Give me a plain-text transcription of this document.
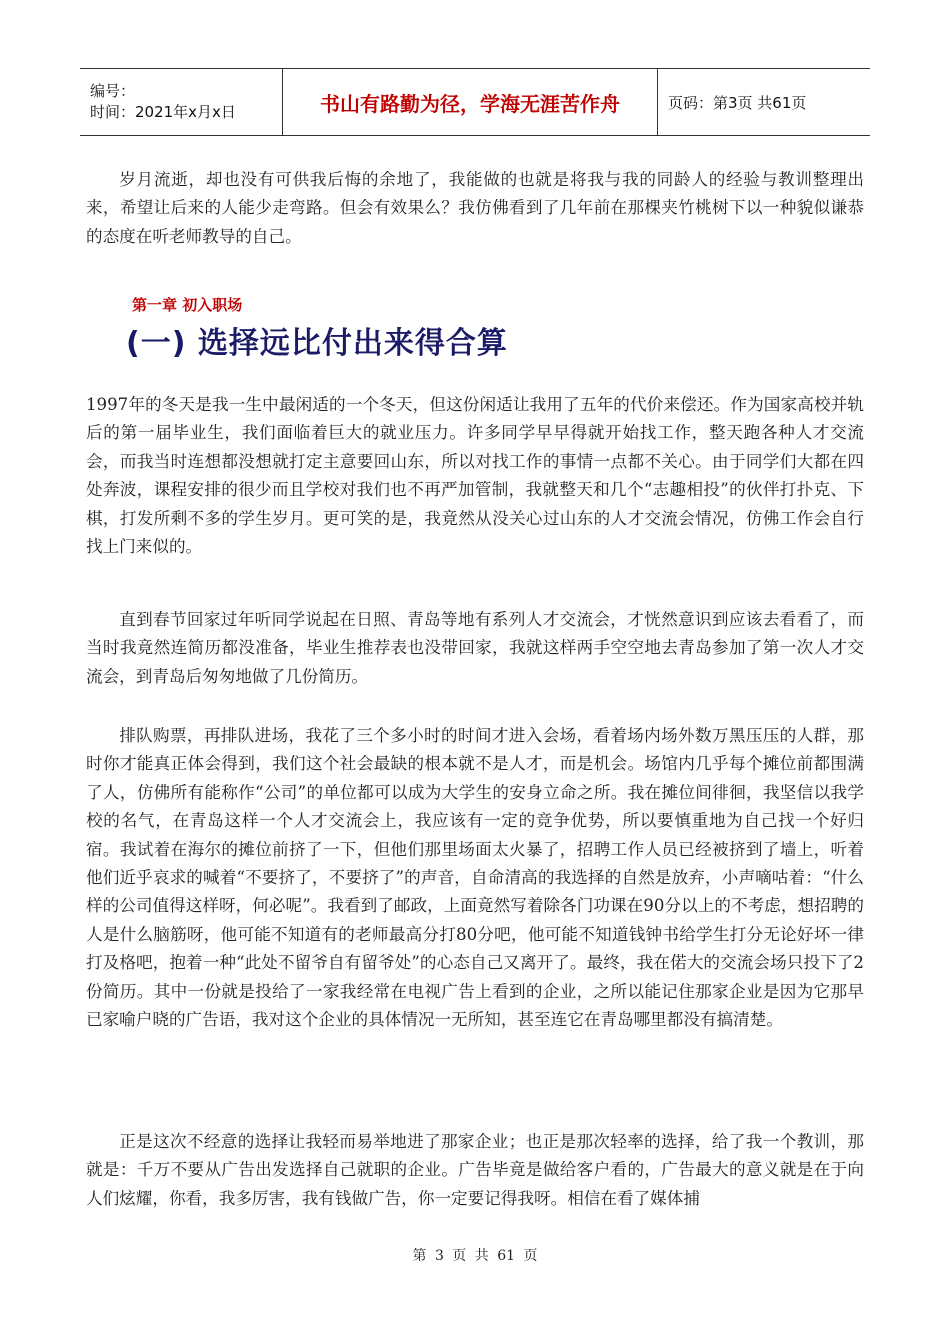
编号：
时间：2021年x月x日	书山有路勤为径，学海无涯苦作舟	页码：第3页 共61页

岁月流逝，却也没有可供我后悔的余地了，我能做的也就是将我与我的同龄人的经验与教训整理出来，希望让后来的人能少走弯路。但会有效果么？我仿佛看到了几年前在那棵夹竹桃树下以一种貌似谦恭的态度在听老师教导的自己。

第一章 初入职场

(一) 选择远比付出来得合算

1997年的冬天是我一生中最闲适的一个冬天，但这份闲适让我用了五年的代价来偿还。作为国家高校并轨后的第一届毕业生，我们面临着巨大的就业压力。许多同学早早得就开始找工作，整天跑各种人才交流会，而我当时连想都没想就打定主意要回山东，所以对找工作的事情一点都不关心。由于同学们大都在四处奔波，课程安排的很少而且学校对我们也不再严加管制，我就整天和几个“志趣相投”的伙伴打扑克、下棋，打发所剩不多的学生岁月。更可笑的是，我竟然从没关心过山东的人才交流会情况，仿佛工作会自行找上门来似的。

直到春节回家过年听同学说起在日照、青岛等地有系列人才交流会，才恍然意识到应该去看看了，而当时我竟然连简历都没准备，毕业生推荐表也没带回家，我就这样两手空空地去青岛参加了第一次人才交流会，到青岛后匆匆地做了几份简历。

排队购票，再排队进场，我花了三个多小时的时间才进入会场，看着场内场外数万黑压压的人群，那时你才能真正体会得到，我们这个社会最缺的根本就不是人才，而是机会。场馆内几乎每个摊位前都围满了人，仿佛所有能称作“公司”的单位都可以成为大学生的安身立命之所。我在摊位间徘徊，我坚信以我学校的名气，在青岛这样一个人才交流会上，我应该有一定的竞争优势，所以要慎重地为自己找一个好归宿。我试着在海尔的摊位前挤了一下，但他们那里场面太火暴了，招聘工作人员已经被挤到了墙上，听着他们近乎哀求的喊着“不要挤了，不要挤了”的声音，自命清高的我选择的自然是放弃，小声嘀咕着：“什么样的公司值得这样呀，何必呢”。我看到了邮政，上面竟然写着除各门功课在90分以上的不考虑，想招聘的人是什么脑筋呀，他可能不知道有的老师最高分打80分吧，他可能不知道钱钟书给学生打分无论好坏一律打及格吧，抱着一种“此处不留爷自有留爷处”的心态自己又离开了。最终，我在偌大的交流会场只投下了2份简历。其中一份就是投给了一家我经常在电视广告上看到的企业，之所以能记住那家企业是因为它那早已家喻户晓的广告语，我对这个企业的具体情况一无所知，甚至连它在青岛哪里都没有搞清楚。

正是这次不经意的选择让我轻而易举地进了那家企业；也正是那次轻率的选择，给了我一个教训，那就是：千万不要从广告出发选择自己就职的企业。广告毕竟是做给客户看的，广告最大的意义就是在于向人们炫耀，你看，我多厉害，我有钱做广告，你一定要记得我呀。相信在看了媒体捕

第 3 页 共 61 页
